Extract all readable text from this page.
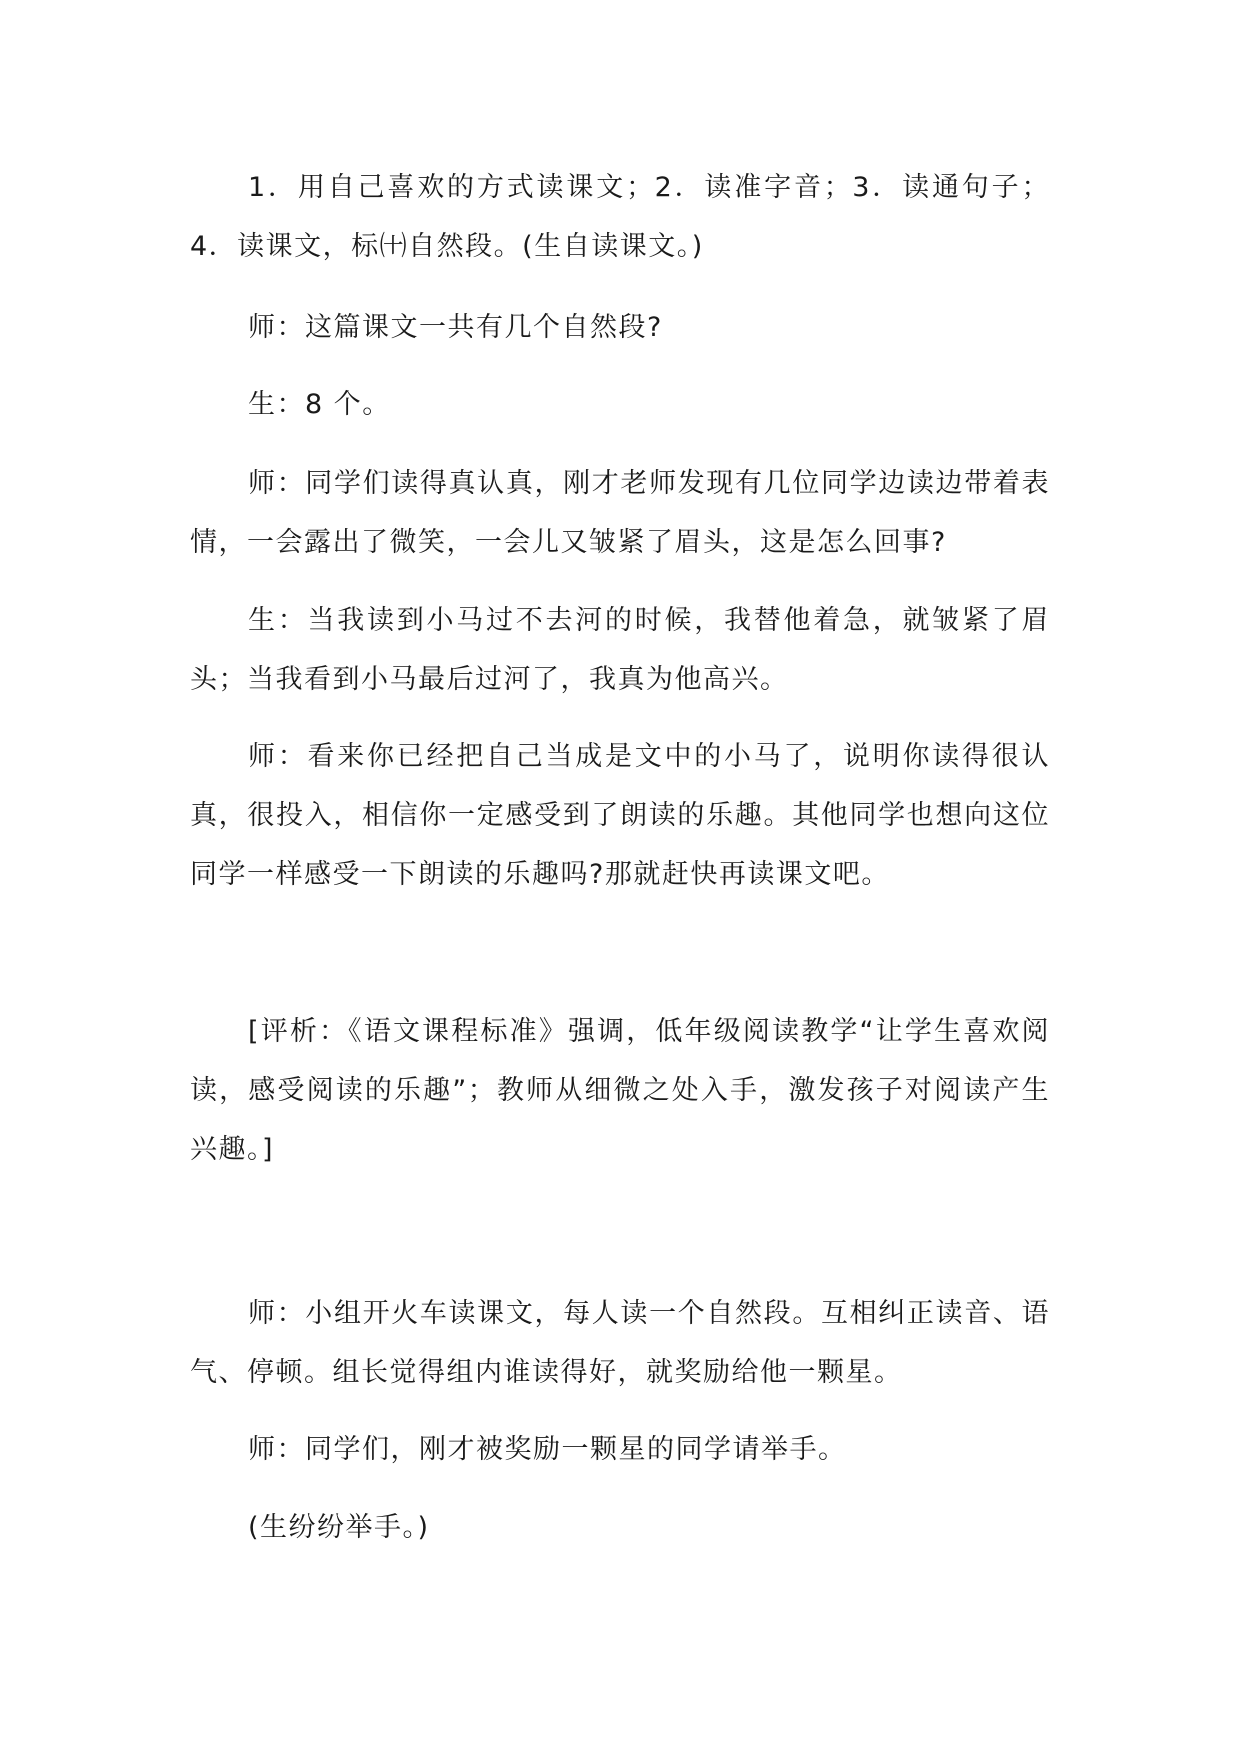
1．用自己喜欢的方式读课文；2．读准字音；3．读通句子；4．读课文，标㈩自然段。(生自读课文。)

师：这篇课文一共有几个自然段?

生：8 个。

师：同学们读得真认真，刚才老师发现有几位同学边读边带着表情，一会露出了微笑，一会儿又皱紧了眉头，这是怎么回事?

生：当我读到小马过不去河的时候，我替他着急，就皱紧了眉头；当我看到小马最后过河了，我真为他高兴。

师：看来你已经把自己当成是文中的小马了，说明你读得很认真，很投入，相信你一定感受到了朗读的乐趣。其他同学也想向这位同学一样感受一下朗读的乐趣吗?那就赶快再读课文吧。

[评析：《语文课程标准》强调，低年级阅读教学“让学生喜欢阅读，感受阅读的乐趣”；教师从细微之处入手，激发孩子对阅读产生兴趣。]

师：小组开火车读课文，每人读一个自然段。互相纠正读音、语气、停顿。组长觉得组内谁读得好，就奖励给他一颗星。

师：同学们，刚才被奖励一颗星的同学请举手。

(生纷纷举手。)
